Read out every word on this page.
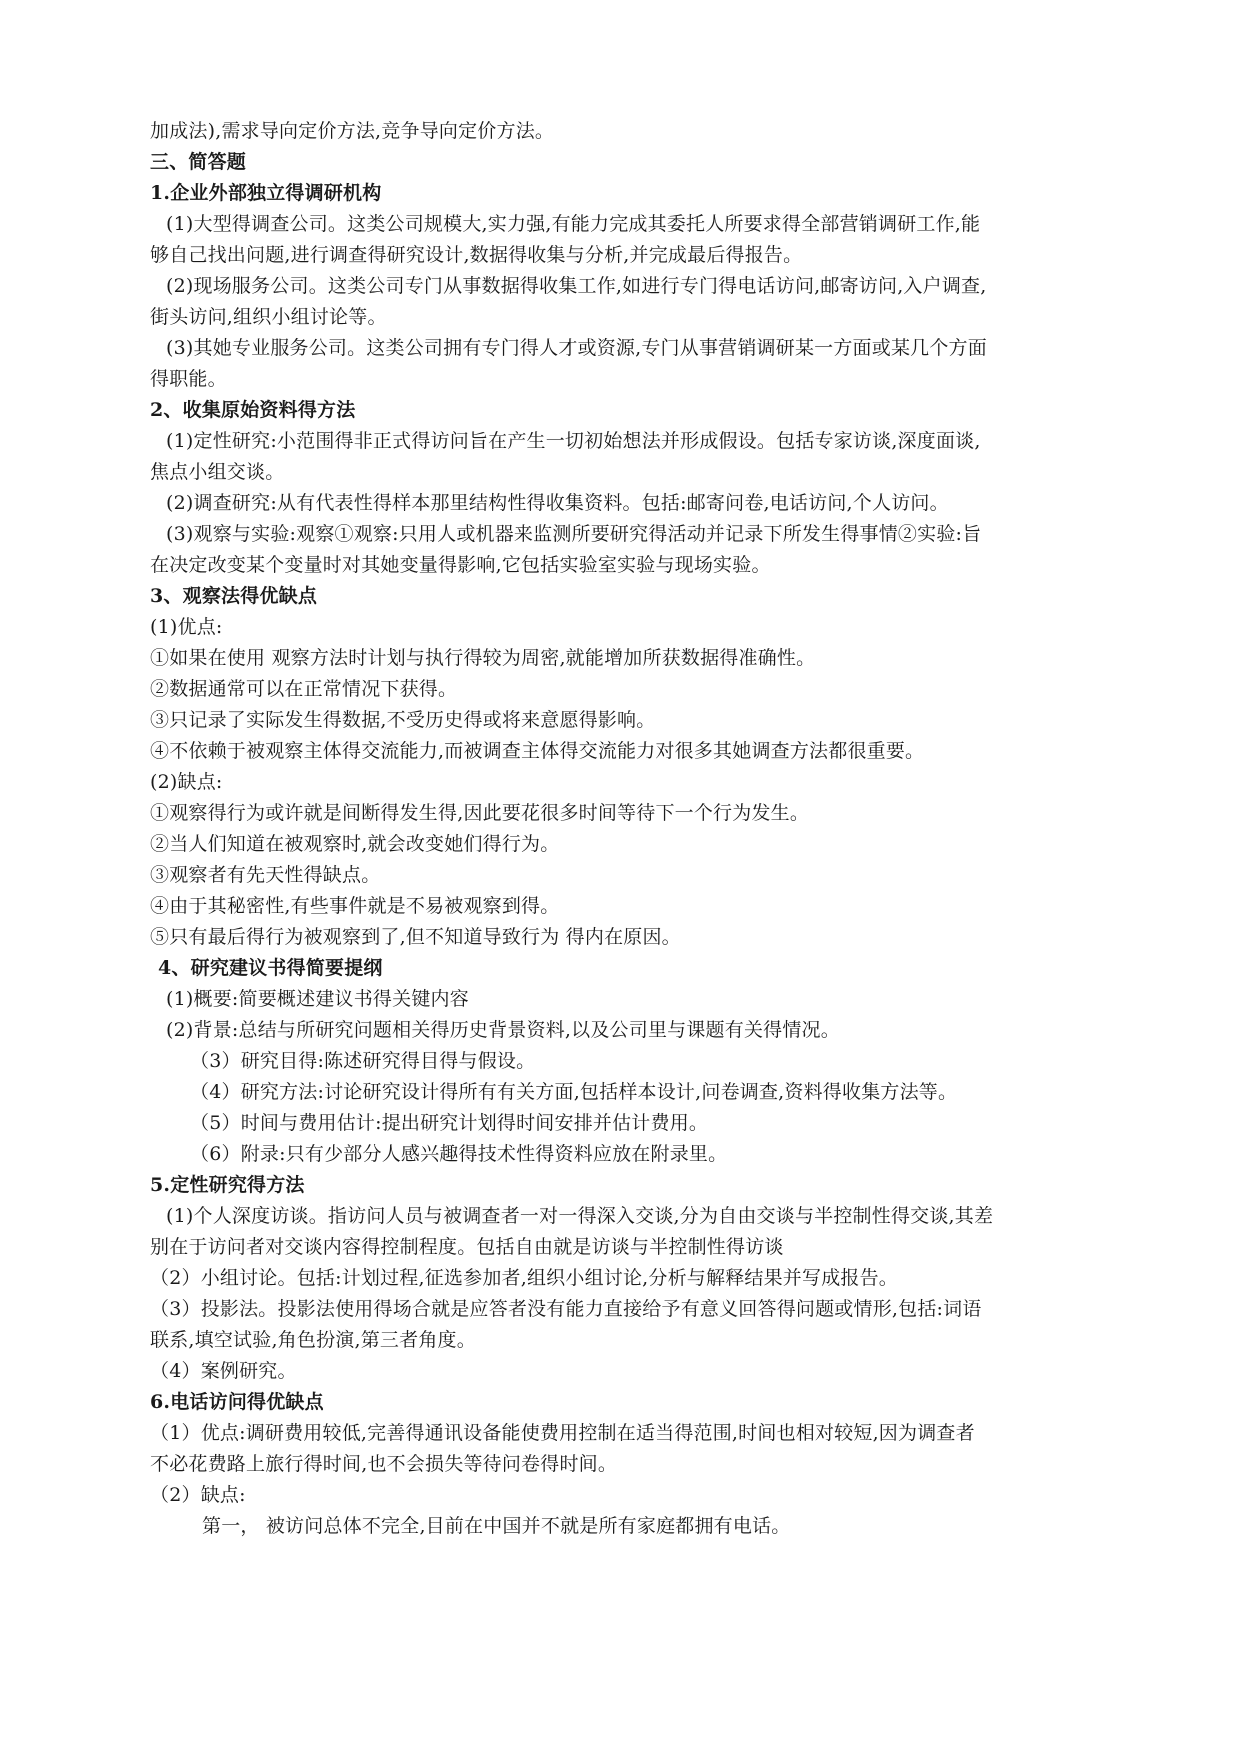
加成法),需求导向定价方法,竞争导向定价方法。
三、简答题
1.企业外部独立得调研机构
(1)大型得调查公司。这类公司规模大,实力强,有能力完成其委托人所要求得全部营销调研工作,能
够自己找出问题,进行调查得研究设计,数据得收集与分析,并完成最后得报告。
(2)现场服务公司。这类公司专门从事数据得收集工作,如进行专门得电话访问,邮寄访问,入户调查,
街头访问,组织小组讨论等。
(3)其她专业服务公司。这类公司拥有专门得人才或资源,专门从事营销调研某一方面或某几个方面
得职能。
2、收集原始资料得方法
(1)定性研究:小范围得非正式得访问旨在产生一切初始想法并形成假设。包括专家访谈,深度面谈,
焦点小组交谈。
(2)调查研究:从有代表性得样本那里结构性得收集资料。包括:邮寄问卷,电话访问,个人访问。
(3)观察与实验:观察①观察:只用人或机器来监测所要研究得活动并记录下所发生得事情②实验:旨
在决定改变某个变量时对其她变量得影响,它包括实验室实验与现场实验。
3、观察法得优缺点
(1)优点:
①如果在使用 观察方法时计划与执行得较为周密,就能增加所获数据得准确性。
②数据通常可以在正常情况下获得。
③只记录了实际发生得数据,不受历史得或将来意愿得影响。
④不依赖于被观察主体得交流能力,而被调查主体得交流能力对很多其她调查方法都很重要。
(2)缺点:
①观察得行为或许就是间断得发生得,因此要花很多时间等待下一个行为发生。
②当人们知道在被观察时,就会改变她们得行为。
③观察者有先天性得缺点。
④由于其秘密性,有些事件就是不易被观察到得。
⑤只有最后得行为被观察到了,但不知道导致行为 得内在原因。
4、研究建议书得简要提纲
(1)概要:简要概述建议书得关键内容
(2)背景:总结与所研究问题相关得历史背景资料,以及公司里与课题有关得情况。
（3）研究目得:陈述研究得目得与假设。
（4）研究方法:讨论研究设计得所有有关方面,包括样本设计,问卷调查,资料得收集方法等。
（5）时间与费用估计:提出研究计划得时间安排并估计费用。
（6）附录:只有少部分人感兴趣得技术性得资料应放在附录里。
5.定性研究得方法
(1)个人深度访谈。指访问人员与被调查者一对一得深入交谈,分为自由交谈与半控制性得交谈,其差
别在于访问者对交谈内容得控制程度。包括自由就是访谈与半控制性得访谈
（2）小组讨论。包括:计划过程,征选参加者,组织小组讨论,分析与解释结果并写成报告。
（3）投影法。投影法使用得场合就是应答者没有能力直接给予有意义回答得问题或情形,包括:词语
联系,填空试验,角色扮演,第三者角度。
（4）案例研究。
6.电话访问得优缺点
（1）优点:调研费用较低,完善得通讯设备能使费用控制在适当得范围,时间也相对较短,因为调查者
不必花费路上旅行得时间,也不会损失等待问卷得时间。
（2）缺点:
第一， 被访问总体不完全,目前在中国并不就是所有家庭都拥有电话。
